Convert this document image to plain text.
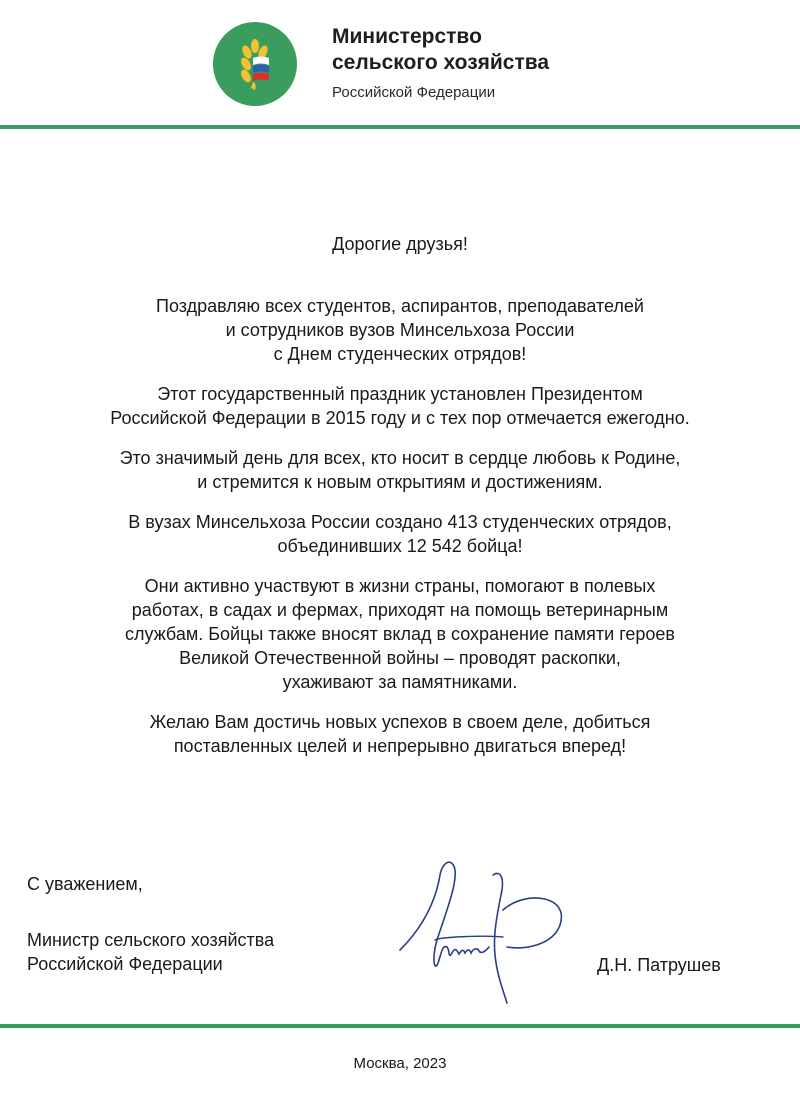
Министерство
сельского хозяйства
Российской Федерации

Дорогие друзья!

Поздравляю всех студентов, аспирантов, преподавателей
и сотрудников вузов Минсельхоза России
с Днем студенческих отрядов!

Этот государственный праздник установлен Президентом
Российской Федерации в 2015 году и с тех пор отмечается ежегодно.

Это значимый день для всех, кто носит в сердце любовь к Родине,
и стремится к новым открытиям и достижениям.

В вузах Минсельхоза России создано 413 студенческих отрядов,
объединивших 12 542 бойца!

Они активно участвуют в жизни страны, помогают в полевых
работах, в садах и фермах, приходят на помощь ветеринарным
службам. Бойцы также вносят вклад в сохранение памяти героев
Великой Отечественной войны – проводят раскопки,
ухаживают за памятниками.

Желаю Вам достичь новых успехов в своем деле, добиться
поставленных целей и непрерывно двигаться вперед!

С уважением,
Министр сельского хозяйства
Российской Федерации	Д.Н. Патрушев
Москва, 2023
